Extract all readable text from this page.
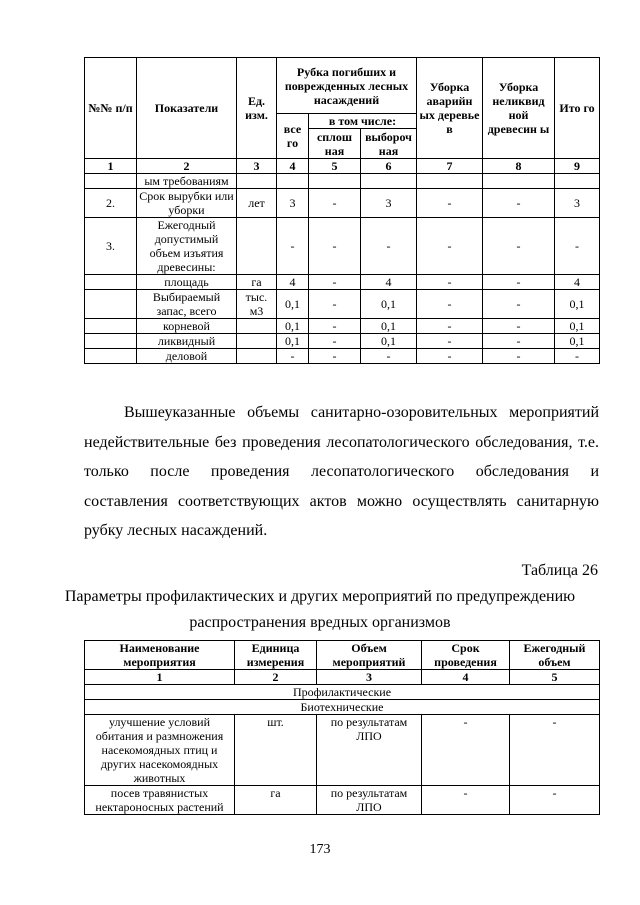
№№ п/п	Показатели	Ед. изм.	Рубка погибших и поврежденных лесных насаждений			Уборка аварийн ых деревье в	Уборка неликвид ной древесин ы	Ито го
			все го	в том числе:				
				сплош ная	выбороч ная			
1	2	3	4	5	6	7	8	9
	ым требованиям							
2.	Срок вырубки или уборки	лет	3	-	3	-	-	3
3.	Ежегодный допустимый объем изъятия древесины:		-	-	-	-	-	-
	площадь	га	4	-	4	-	-	4
	Выбираемый запас, всего	тыс. м3	0,1	-	0,1	-	-	0,1
	корневой		0,1	-	0,1	-	-	0,1
	ликвидный		0,1	-	0,1	-	-	0,1
	деловой		-	-	-	-	-	-
Вышеуказанные объемы санитарно-озоровительных мероприятий недействительные без проведения лесопатологического обследования, т.е. только после проведения лесопатологического обследования и составления соответствующих актов можно осуществлять санитарную рубку лесных насаждений.
Таблица 26
Параметры профилактических и других мероприятий по предупреждению
распространения вредных организмов
Наименование мероприятия	Единица измерения	Объем мероприятий	Срок проведения	Ежегодный объем
1	2	3	4	5
Профилактические				
Биотехнические				
улучшение условий обитания и размножения насекомоядных птиц и других насекомоядных животных	шт.	по результатам ЛПО	-	-
посев травянистых нектароносных растений	га	по результатам ЛПО	-	-
173
